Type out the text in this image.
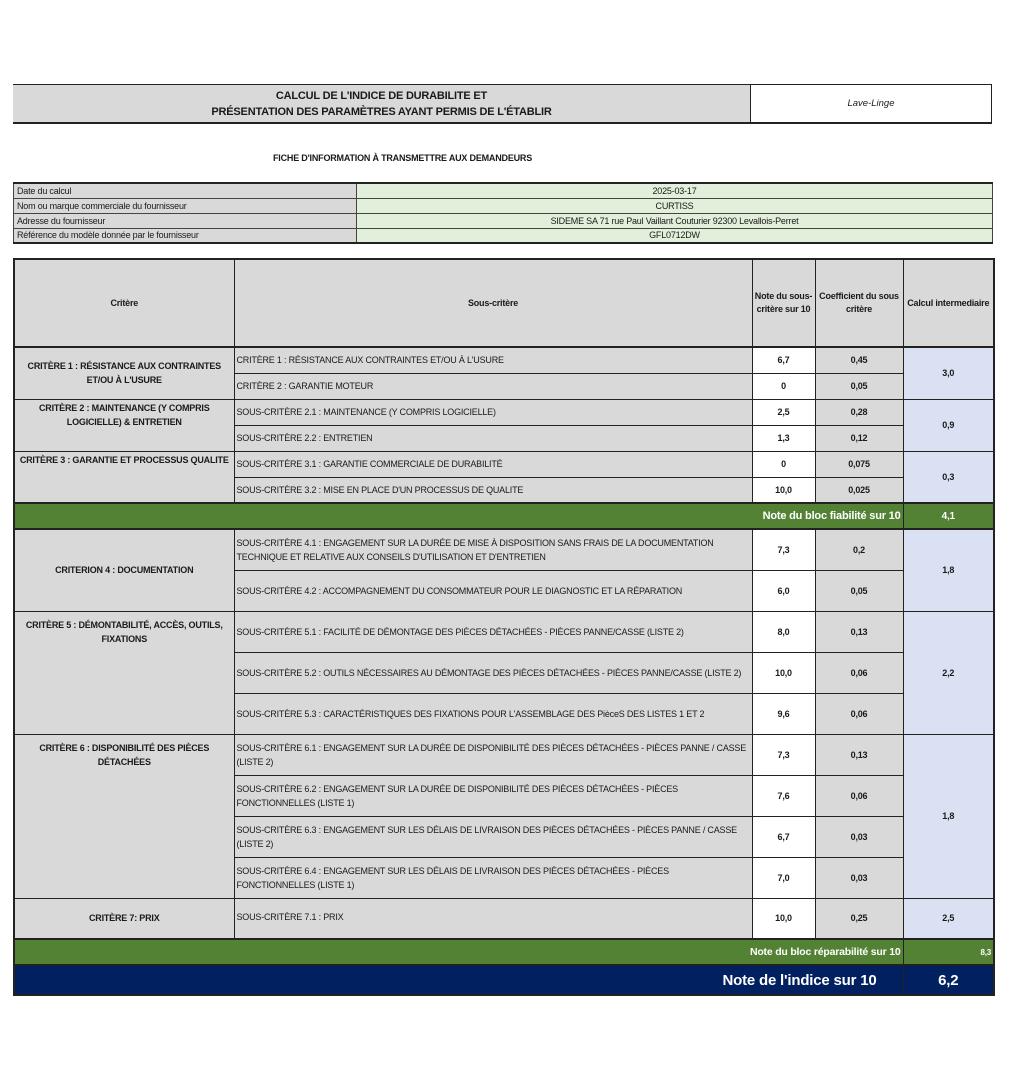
CALCUL DE L'INDICE DE DURABILITE ET
PRÉSENTATION DES PARAMÈTRES AYANT PERMIS DE L'ÉTABLIR
Lave-Linge
FICHE D'INFORMATION À TRANSMETTRE AUX DEMANDEURS
Date du calcul	2025-03-17
Nom ou marque commerciale du fournisseur	CURTISS
Adresse du fournisseur	SIDEME SA 71 rue Paul Vaillant Couturier 92300 Levallois-Perret
Référence du modèle donnée par le fournisseur	GFL0712DW
Critère	Sous-critère	Note du sous-critère sur 10	Coefficient du sous critère	Calcul intermediaire
CRITÈRE 1 : RÉSISTANCE AUX CONTRAINTES ET/OU À L'USURE	CRITÈRE 1 : RÉSISTANCE AUX CONTRAINTES ET/OU À L'USURE	6,7	0,45	3,0
	CRITÈRE 2 : GARANTIE MOTEUR	0	0,05	
CRITÈRE 2 : MAINTENANCE (Y COMPRIS LOGICIELLE) & ENTRETIEN	SOUS-CRITÈRE 2.1 : MAINTENANCE (Y COMPRIS LOGICIELLE)	2,5	0,28	0,9
	SOUS-CRITÈRE 2.2 : ENTRETIEN	1,3	0,12	
CRITÈRE 3 : GARANTIE ET PROCESSUS QUALITE	SOUS-CRITÈRE 3.1 : GARANTIE COMMERCIALE DE DURABILITÉ	0	0,075	0,3
	SOUS-CRITÈRE 3.2 : MISE EN PLACE D'UN PROCESSUS DE QUALITE	10,0	0,025	
Note du bloc fiabilité sur 10				4,1
CRITERION 4 : DOCUMENTATION	SOUS-CRITÈRE 4.1 : ENGAGEMENT SUR LA DURÉE DE MISE À DISPOSITION SANS FRAIS DE LA DOCUMENTATION TECHNIQUE ET RELATIVE AUX CONSEILS D'UTILISATION ET D'ENTRETIEN	7,3	0,2	1,8
	SOUS-CRITÈRE 4.2 : ACCOMPAGNEMENT DU CONSOMMATEUR POUR LE DIAGNOSTIC ET LA RÉPARATION	6,0	0,05	
CRITÈRE 5 : DÉMONTABILITÉ, ACCÈS, OUTILS, FIXATIONS	SOUS-CRITÈRE 5.1 : FACILITÉ DE DÉMONTAGE DES PIÈCES DÉTACHÉES - PIÈCES PANNE/CASSE (LISTE 2)	8,0	0,13	2,2
	SOUS-CRITÈRE 5.2 : OUTILS NÉCESSAIRES AU DÉMONTAGE DES PIÈCES DÉTACHÉES - PIÈCES PANNE/CASSE (LISTE 2)	10,0	0,06	
	SOUS-CRITÈRE 5.3 : CARACTÉRISTIQUES DES FIXATIONS POUR L'ASSEMBLAGE DES PièceS DES LISTES 1 ET 2	9,6	0,06	
CRITÈRE 6 : DISPONIBILITÉ DES PIÈCES DÉTACHÉES	SOUS-CRITÈRE 6.1 : ENGAGEMENT SUR LA DURÉE DE DISPONIBILITÉ DES PIÈCES DÉTACHÉES - PIÈCES PANNE / CASSE (LISTE 2)	7,3	0,13	1,8
	SOUS-CRITÈRE 6.2 : ENGAGEMENT SUR LA DURÉE DE DISPONIBILITÉ DES PIÈCES DÉTACHÉES - PIÈCES FONCTIONNELLES (LISTE 1)	7,6	0,06	
	SOUS-CRITÈRE 6.3 : ENGAGEMENT SUR LES DÉLAIS DE LIVRAISON DES PIÈCES DÉTACHÉES - PIÈCES PANNE / CASSE (LISTE 2)	6,7	0,03	
	SOUS-CRITÈRE 6.4 : ENGAGEMENT SUR LES DÉLAIS DE LIVRAISON DES PIÈCES DÉTACHÉES - PIÈCES FONCTIONNELLES (LISTE 1)	7,0	0,03	
CRITÈRE 7: PRIX	SOUS-CRITÈRE 7.1 : PRIX	10,0	0,25	2,5
Note du bloc réparabilité sur 10				8,3
Note de l'indice sur 10				6,2
